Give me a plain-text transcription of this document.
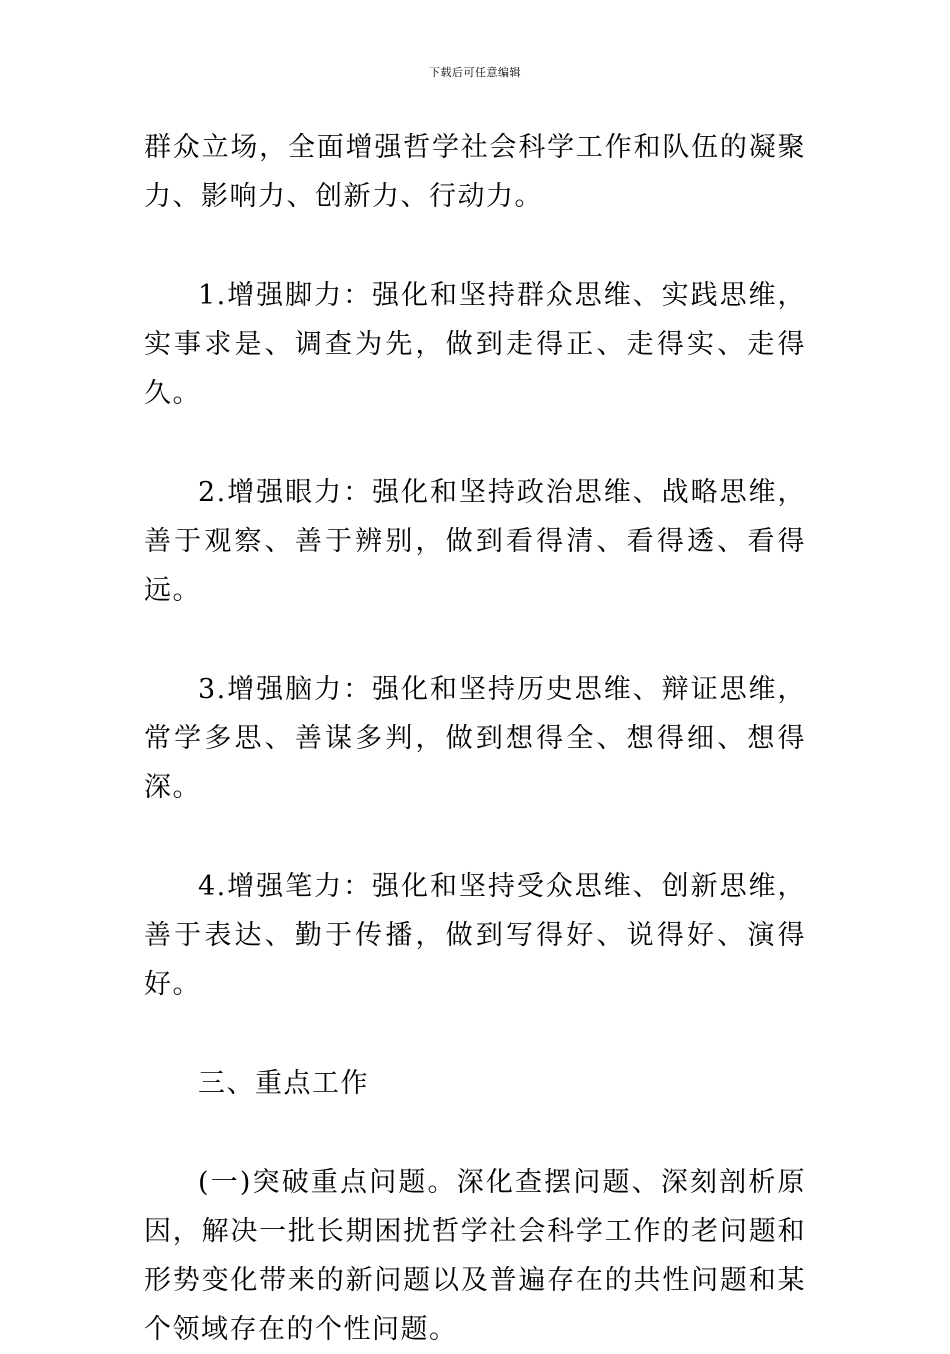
下载后可任意编辑

群众立场，全面增强哲学社会科学工作和队伍的凝聚力、影响力、创新力、行动力。

1.增强脚力：强化和坚持群众思维、实践思维，实事求是、调查为先，做到走得正、走得实、走得久。

2.增强眼力：强化和坚持政治思维、战略思维，善于观察、善于辨别，做到看得清、看得透、看得远。

3.增强脑力：强化和坚持历史思维、辩证思维，常学多思、善谋多判，做到想得全、想得细、想得深。

4.增强笔力：强化和坚持受众思维、创新思维，善于表达、勤于传播，做到写得好、说得好、演得好。

三、重点工作

(一)突破重点问题。深化查摆问题、深刻剖析原因，解决一批长期困扰哲学社会科学工作的老问题和形势变化带来的新问题以及普遍存在的共性问题和某个领域存在的个性问题。
